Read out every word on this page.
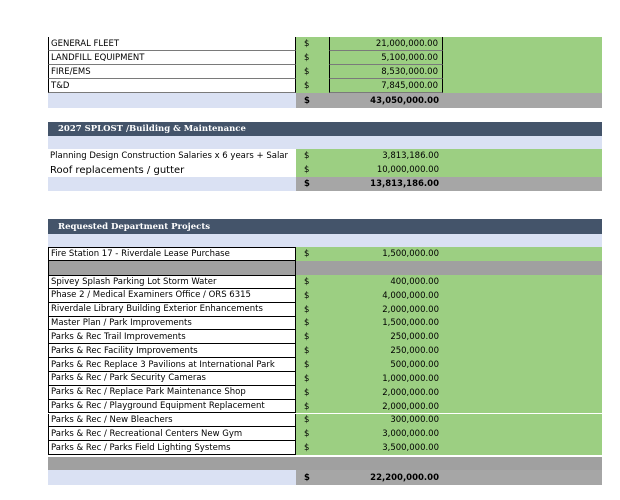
GENERAL FLEET	$	21,000,000.00
LANDFILL EQUIPMENT	$	5,100,000.00
FIRE/EMS	$	8,530,000.00
T&D	$	7,845,000.00
$	43,050,000.00
2027 SPLOST /Building & Maintenance
Planning Design Construction Salaries x 6 years + Salar	$	3,813,186.00
Roof replacements / gutter	$	10,000,000.00
$	13,813,186.00
Requested Department Projects
Fire Station 17 - Riverdale Lease Purchase	$	1,500,000.00
Spivey Splash Parking Lot Storm Water	$	400,000.00
Phase 2 / Medical Examiners Office / ORS 6315	$	4,000,000.00
Riverdale Library Building Exterior Enhancements	$	2,000,000.00
Master Plan / Park Improvements	$	1,500,000.00
Parks & Rec Trail Improvements	$	250,000.00
Parks & Rec Facility Improvements	$	250,000.00
Parks & Rec Replace 3 Pavilions at International Park	$	500,000.00
Parks & Rec / Park Security Cameras	$	1,000,000.00
Parks & Rec / Replace Park Maintenance Shop	$	2,000,000.00
Parks & Rec / Playground Equipment Replacement	$	2,000,000.00
Parks & Rec / New Bleachers	$	300,000.00
Parks & Rec / Recreational Centers New Gym	$	3,000,000.00
Parks & Rec / Parks Field Lighting Systems	$	3,500,000.00
$	22,200,000.00
